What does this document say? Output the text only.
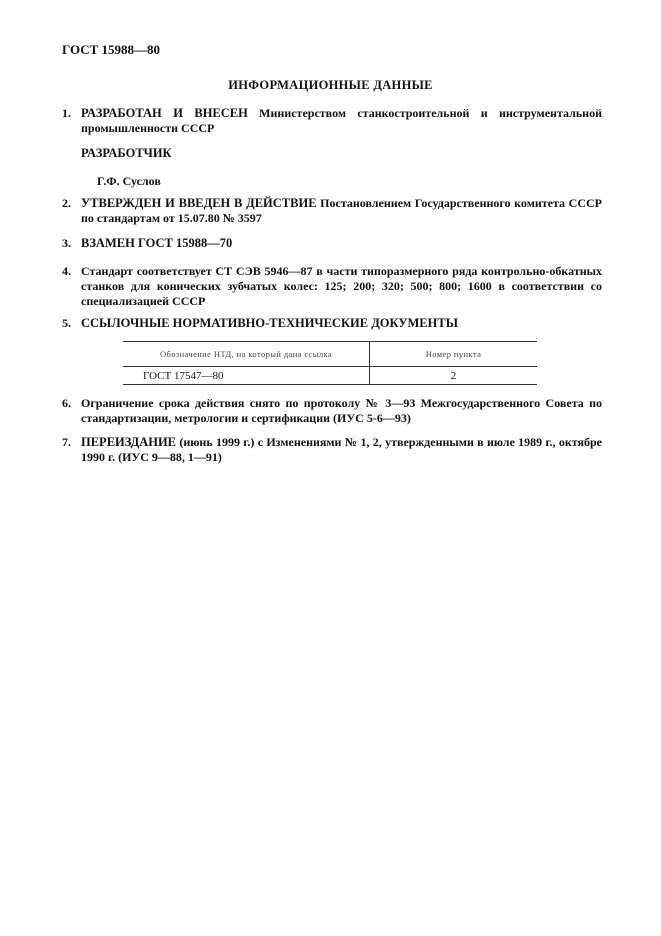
ГОСТ 15988—80
ИНФОРМАЦИОННЫЕ ДАННЫЕ
1. РАЗРАБОТАН И ВНЕСЕН Министерством станкостроительной и инструментальной промышленности СССР
РАЗРАБОТЧИК
Г.Ф. Суслов
2. УТВЕРЖДЕН И ВВЕДЕН В ДЕЙСТВИЕ Постановлением Государственного комитета СССР по стандартам от 15.07.80 № 3597
3. ВЗАМЕН ГОСТ 15988—70
4. Стандарт соответствует СТ СЭВ 5946—87 в части типоразмерного ряда контрольно-обкатных станков для конических зубчатых колес: 125; 200; 320; 500; 800; 1600 в соответствии со специализацией СССР
5. ССЫЛОЧНЫЕ НОРМАТИВНО-ТЕХНИЧЕСКИЕ ДОКУМЕНТЫ
Обозначение НТД, на который дана ссылка	Номер пункта
ГОСТ 17547—80	2
6. Ограничение срока действия снято по протоколу № 3—93 Межгосударственного Совета по стандартизации, метрологии и сертификации (ИУС 5-6—93)
7. ПЕРЕИЗДАНИЕ (июнь 1999 г.) с Изменениями № 1, 2, утвержденными в июле 1989 г., октябре 1990 г. (ИУС 9—88, 1—91)
